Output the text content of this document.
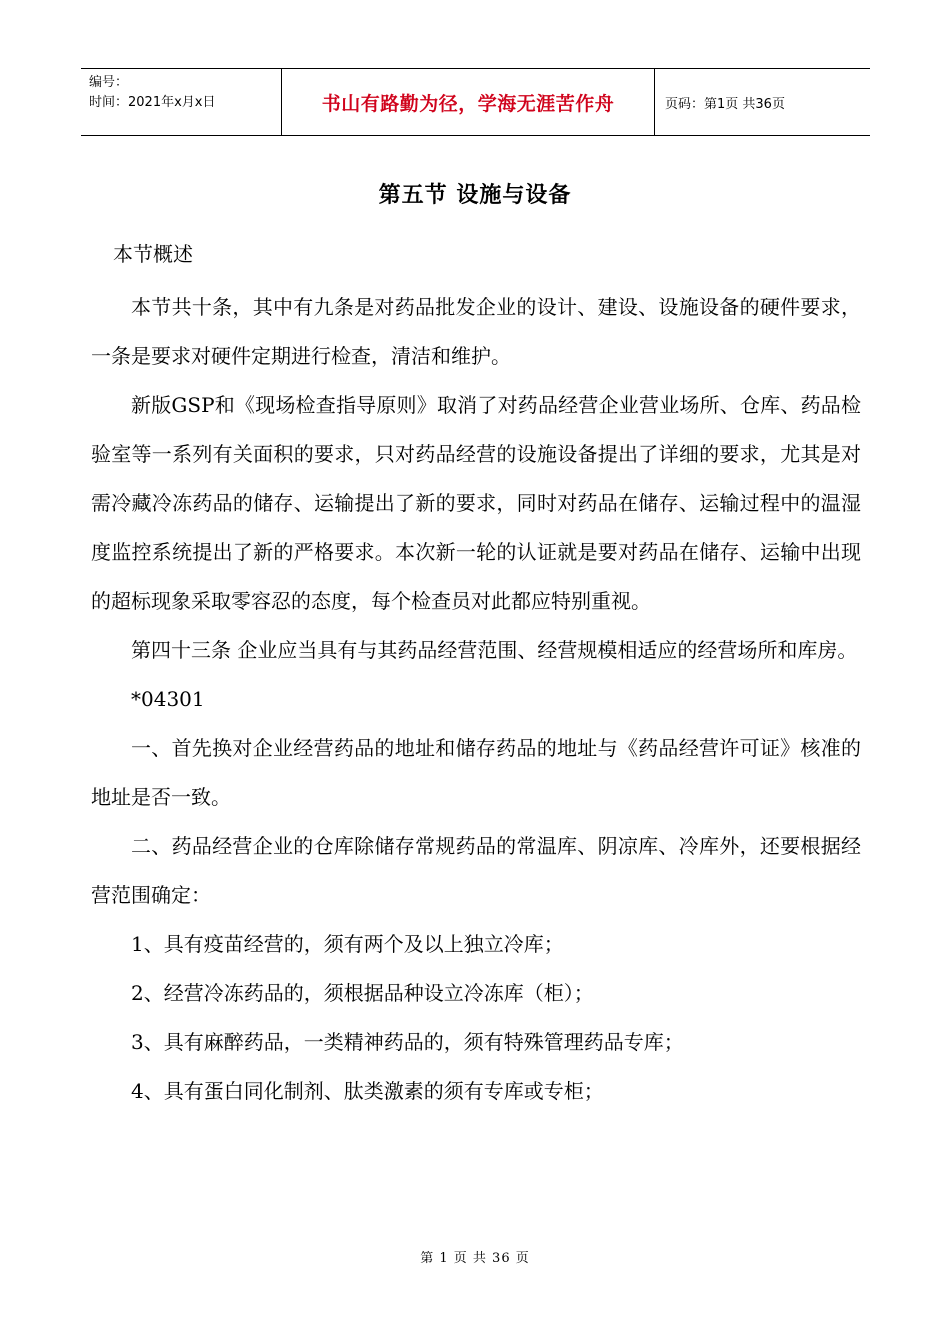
编号：
时间：2021年x月x日	书山有路勤为径，学海无涯苦作舟	页码：第1页 共36页
第五节 设施与设备

本节概述

本节共十条，其中有九条是对药品批发企业的设计、建设、设施设备的硬件要求，一条是要求对硬件定期进行检查，清洁和维护。

新版GSP和《现场检查指导原则》取消了对药品经营企业营业场所、仓库、药品检验室等一系列有关面积的要求，只对药品经营的设施设备提出了详细的要求，尤其是对需冷藏冷冻药品的储存、运输提出了新的要求，同时对药品在储存、运输过程中的温湿度监控系统提出了新的严格要求。本次新一轮的认证就是要对药品在储存、运输中出现的超标现象采取零容忍的态度，每个检查员对此都应特别重视。

第四十三条 企业应当具有与其药品经营范围、经营规模相适应的经营场所和库房。

*04301

一、首先换对企业经营药品的地址和储存药品的地址与《药品经营许可证》核准的地址是否一致。

二、药品经营企业的仓库除储存常规药品的常温库、阴凉库、冷库外，还要根据经营范围确定：

1、具有疫苗经营的，须有两个及以上独立冷库；

2、经营冷冻药品的，须根据品种设立冷冻库（柜）；

3、具有麻醉药品，一类精神药品的，须有特殊管理药品专库；

4、具有蛋白同化制剂、肽类激素的须有专库或专柜；

第 1 页 共 36 页
